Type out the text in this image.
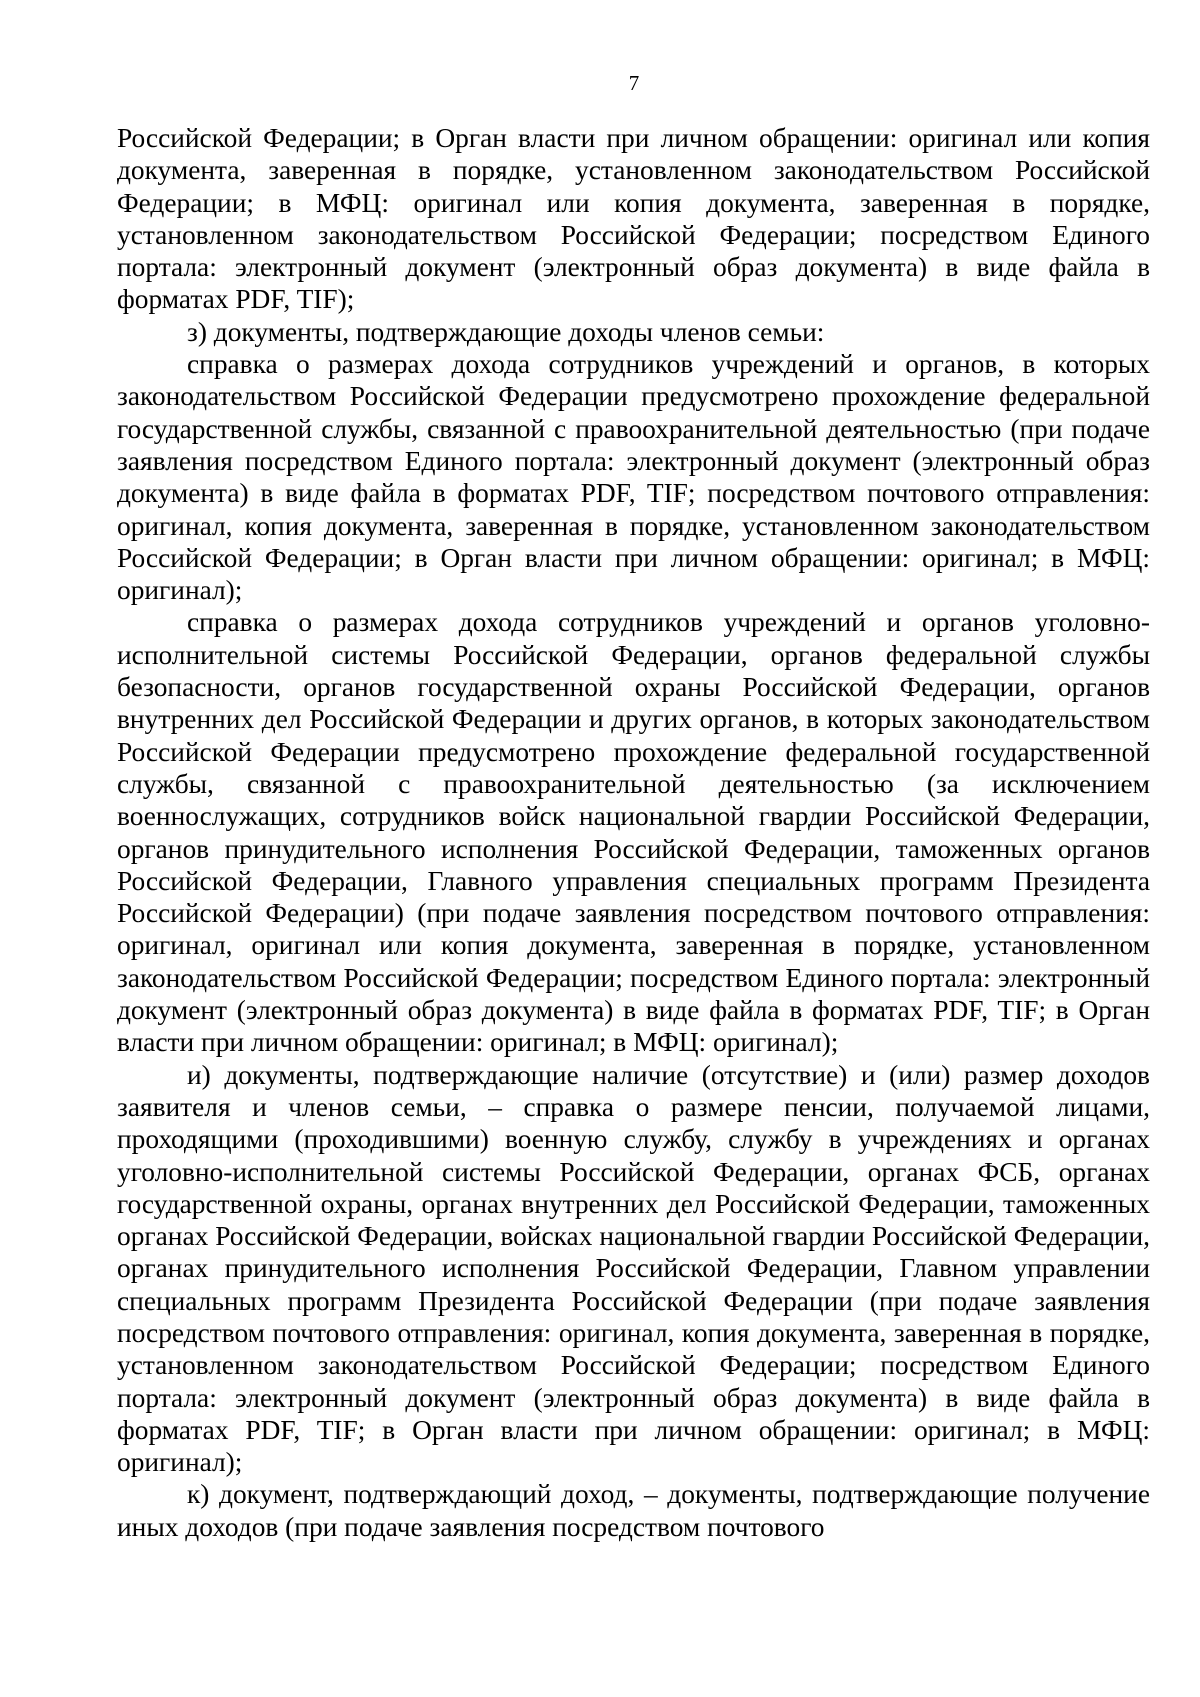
7

Российской Федерации; в Орган власти при личном обращении: оригинал или копия документа, заверенная в порядке, установленном законодательством Российской Федерации; в МФЦ: оригинал или копия документа, заверенная в порядке, установленном законодательством Российской Федерации; посредством Единого портала: электронный документ (электронный образ документа) в виде файла в форматах PDF, TIF);

з) документы, подтверждающие доходы членов семьи:

справка о размерах дохода сотрудников учреждений и органов, в которых законодательством Российской Федерации предусмотрено прохождение федеральной государственной службы, связанной с правоохранительной деятельностью (при подаче заявления посредством Единого портала: электронный документ (электронный образ документа) в виде файла в форматах PDF, TIF; посредством почтового отправления: оригинал, копия документа, заверенная в порядке, установленном законодательством Российской Федерации; в Орган власти при личном обращении: оригинал; в МФЦ: оригинал);

справка о размерах дохода сотрудников учреждений и органов уголовно-исполнительной системы Российской Федерации, органов федеральной службы безопасности, органов государственной охраны Российской Федерации, органов внутренних дел Российской Федерации и других органов, в которых законодательством Российской Федерации предусмотрено прохождение федеральной государственной службы, связанной с правоохранительной деятельностью (за исключением военнослужащих, сотрудников войск национальной гвардии Российской Федерации, органов принудительного исполнения Российской Федерации, таможенных органов Российской Федерации, Главного управления специальных программ Президента Российской Федерации) (при подаче заявления посредством почтового отправления: оригинал, оригинал или копия документа, заверенная в порядке, установленном законодательством Российской Федерации; посредством Единого портала: электронный документ (электронный образ документа) в виде файла в форматах PDF, TIF; в Орган власти при личном обращении: оригинал; в МФЦ: оригинал);

и) документы, подтверждающие наличие (отсутствие) и (или) размер доходов заявителя и членов семьи, – справка о размере пенсии, получаемой лицами, проходящими (проходившими) военную службу, службу в учреждениях и органах уголовно-исполнительной системы Российской Федерации, органах ФСБ, органах государственной охраны, органах внутренних дел Российской Федерации, таможенных органах Российской Федерации, войсках национальной гвардии Российской Федерации, органах принудительного исполнения Российской Федерации, Главном управлении специальных программ Президента Российской Федерации (при подаче заявления посредством почтового отправления: оригинал, копия документа, заверенная в порядке, установленном законодательством Российской Федерации; посредством Единого портала: электронный документ (электронный образ документа) в виде файла в форматах PDF, TIF; в Орган власти при личном обращении: оригинал; в МФЦ: оригинал);

к) документ, подтверждающий доход, – документы, подтверждающие получение иных доходов (при подаче заявления посредством почтового
